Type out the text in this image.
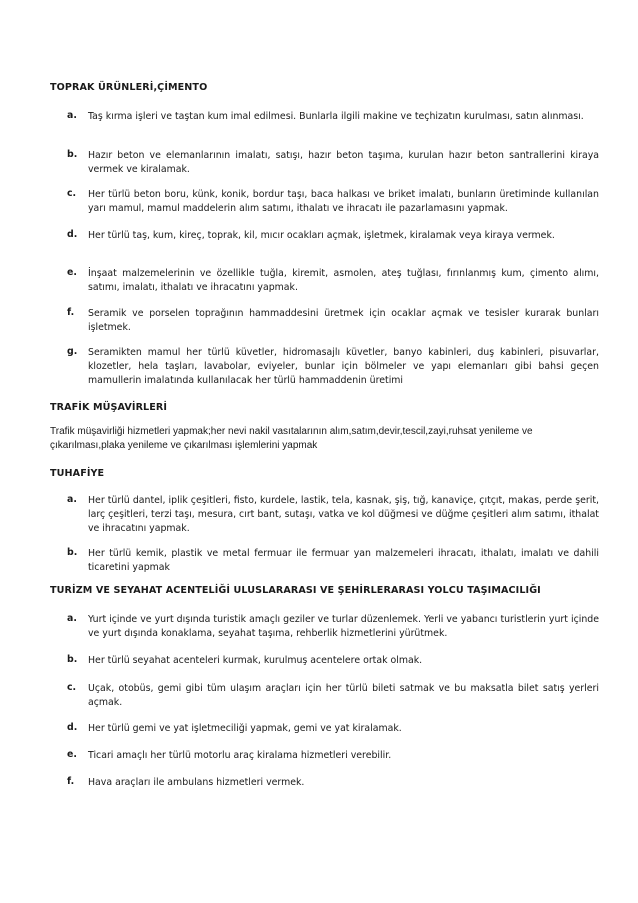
TOPRAK ÜRÜNLERİ,ÇİMENTO
a. Taş kırma işleri ve taştan kum imal edilmesi. Bunlarla ilgili makine ve teçhizatın kurulması, satın alınması.
b. Hazır beton ve elemanlarının imalatı, satışı, hazır beton taşıma, kurulan hazır beton santrallerini kiraya vermek ve kiralamak.
c. Her türlü beton boru, künk, konik, bordur taşı, baca halkası ve briket imalatı, bunların üretiminde kullanılan yarı mamul, mamul maddelerin alım satımı, ithalatı ve ihracatı ile pazarlamasını yapmak.
d. Her türlü taş, kum, kireç, toprak, kil, mıcır ocakları açmak, işletmek, kiralamak veya kiraya vermek.
e. İnşaat malzemelerinin ve özellikle tuğla, kiremit, asmolen, ateş tuğlası, fırınlanmış kum, çimento alımı, satımı, imalatı, ithalatı ve ihracatını yapmak.
f. Seramik ve porselen toprağının hammaddesini üretmek için ocaklar açmak ve tesisler kurarak bunları işletmek.
g. Seramikten mamul her türlü küvetler, hidromasajlı küvetler, banyo kabinleri, duş kabinleri, pisuvarlar, klozetler, hela taşları, lavabolar, eviyeler, bunlar için bölmeler ve yapı elemanları gibi bahsi geçen mamullerin imalatında kullanılacak her türlü hammaddenin üretimi
TRAFİK MÜŞAVİRLERİ
Trafik müşavirliği hizmetleri yapmak;her nevi nakil vasıtalarının alım,satım,devir,tescil,zayi,ruhsat yenileme ve çıkarılması,plaka yenileme ve çıkarılması işlemlerini yapmak
TUHAFİYE
a. Her türlü dantel, iplik çeşitleri, fisto, kurdele, lastik, tela, kasnak, şiş, tığ, kanaviçe, çıtçıt, makas, perde şerit, larç çeşitleri, terzi taşı, mesura, cırt bant, sutaşı, vatka ve kol düğmesi ve düğme çeşitleri alım satımı, ithalat ve ihracatını yapmak.
b. Her türlü kemik, plastik ve metal fermuar ile fermuar yan malzemeleri ihracatı, ithalatı, imalatı ve dahili ticaretini yapmak
TURİZM VE SEYAHAT ACENTELİĞİ ULUSLARARASI VE ŞEHİRLERARASI YOLCU TAŞIMACILIĞI
a. Yurt içinde ve yurt dışında turistik amaçlı geziler ve turlar düzenlemek. Yerli ve yabancı turistlerin yurt içinde ve yurt dışında konaklama, seyahat taşıma, rehberlik hizmetlerini yürütmek.
b. Her türlü seyahat acenteleri kurmak, kurulmuş acentelere ortak olmak.
c. Uçak, otobüs, gemi gibi tüm ulaşım araçları için her türlü bileti satmak ve bu maksatla bilet satış yerleri açmak.
d. Her türlü gemi ve yat işletmeciliği yapmak, gemi ve yat kiralamak.
e. Ticari amaçlı her türlü motorlu araç kiralama hizmetleri verebilir.
f. Hava araçları ile ambulans hizmetleri vermek.
